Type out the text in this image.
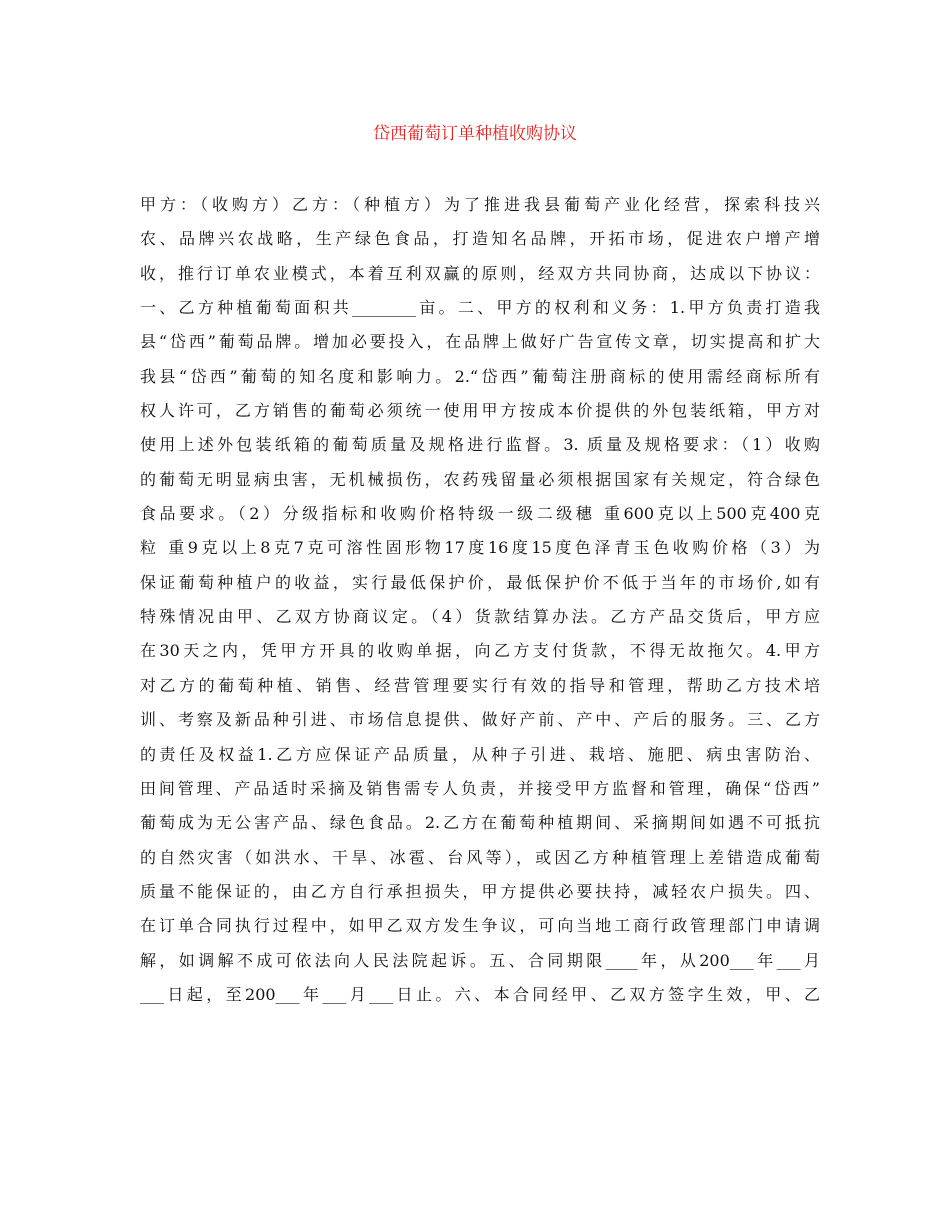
岱西葡萄订单种植收购协议
甲方：（收购方）乙方：（种植方）为了推进我县葡萄产业化经营，探索科技兴
农、品牌兴农战略，生产绿色食品，打造知名品牌，开拓市场，促进农户增产增
收，推行订单农业模式，本着互利双赢的原则，经双方共同协商，达成以下协议：
一、乙方种植葡萄面积共________亩。二、甲方的权利和义务：1.甲方负责打造我
县“岱西”葡萄品牌。增加必要投入，在品牌上做好广告宣传文章，切实提高和扩大
我县“岱西”葡萄的知名度和影响力。2.“岱西”葡萄注册商标的使用需经商标所有
权人许可，乙方销售的葡萄必须统一使用甲方按成本价提供的外包装纸箱，甲方对
使用上述外包装纸箱的葡萄质量及规格进行监督。3. 质量及规格要求：（1）收购
的葡萄无明显病虫害，无机械损伤，农药残留量必须根据国家有关规定，符合绿色
食品要求。（2）分级指标和收购价格特级一级二级穗 重600克以上500克400克
粒 重9克以上8克7克可溶性固形物17度16度15度色泽青玉色收购价格（3）为
保证葡萄种植户的收益，实行最低保护价，最低保护价不低于当年的市场价,如有
特殊情况由甲、乙双方协商议定。（4）货款结算办法。乙方产品交货后，甲方应
在30天之内，凭甲方开具的收购单据，向乙方支付货款，不得无故拖欠。4.甲方
对乙方的葡萄种植、销售、经营管理要实行有效的指导和管理，帮助乙方技术培
训、考察及新品种引进、市场信息提供、做好产前、产中、产后的服务。三、乙方
的责任及权益1.乙方应保证产品质量，从种子引进、栽培、施肥、病虫害防治、
田间管理、产品适时采摘及销售需专人负责，并接受甲方监督和管理，确保“岱西”
葡萄成为无公害产品、绿色食品。2.乙方在葡萄种植期间、采摘期间如遇不可抵抗
的自然灾害（如洪水、干旱、冰雹、台风等），或因乙方种植管理上差错造成葡萄
质量不能保证的，由乙方自行承担损失，甲方提供必要扶持，减轻农户损失。四、
在订单合同执行过程中，如甲乙双方发生争议，可向当地工商行政管理部门申请调
解，如调解不成可依法向人民法院起诉。五、合同期限____年，从200___年___月
___日起，至200___年___月___日止。六、本合同经甲、乙双方签字生效，甲、乙
